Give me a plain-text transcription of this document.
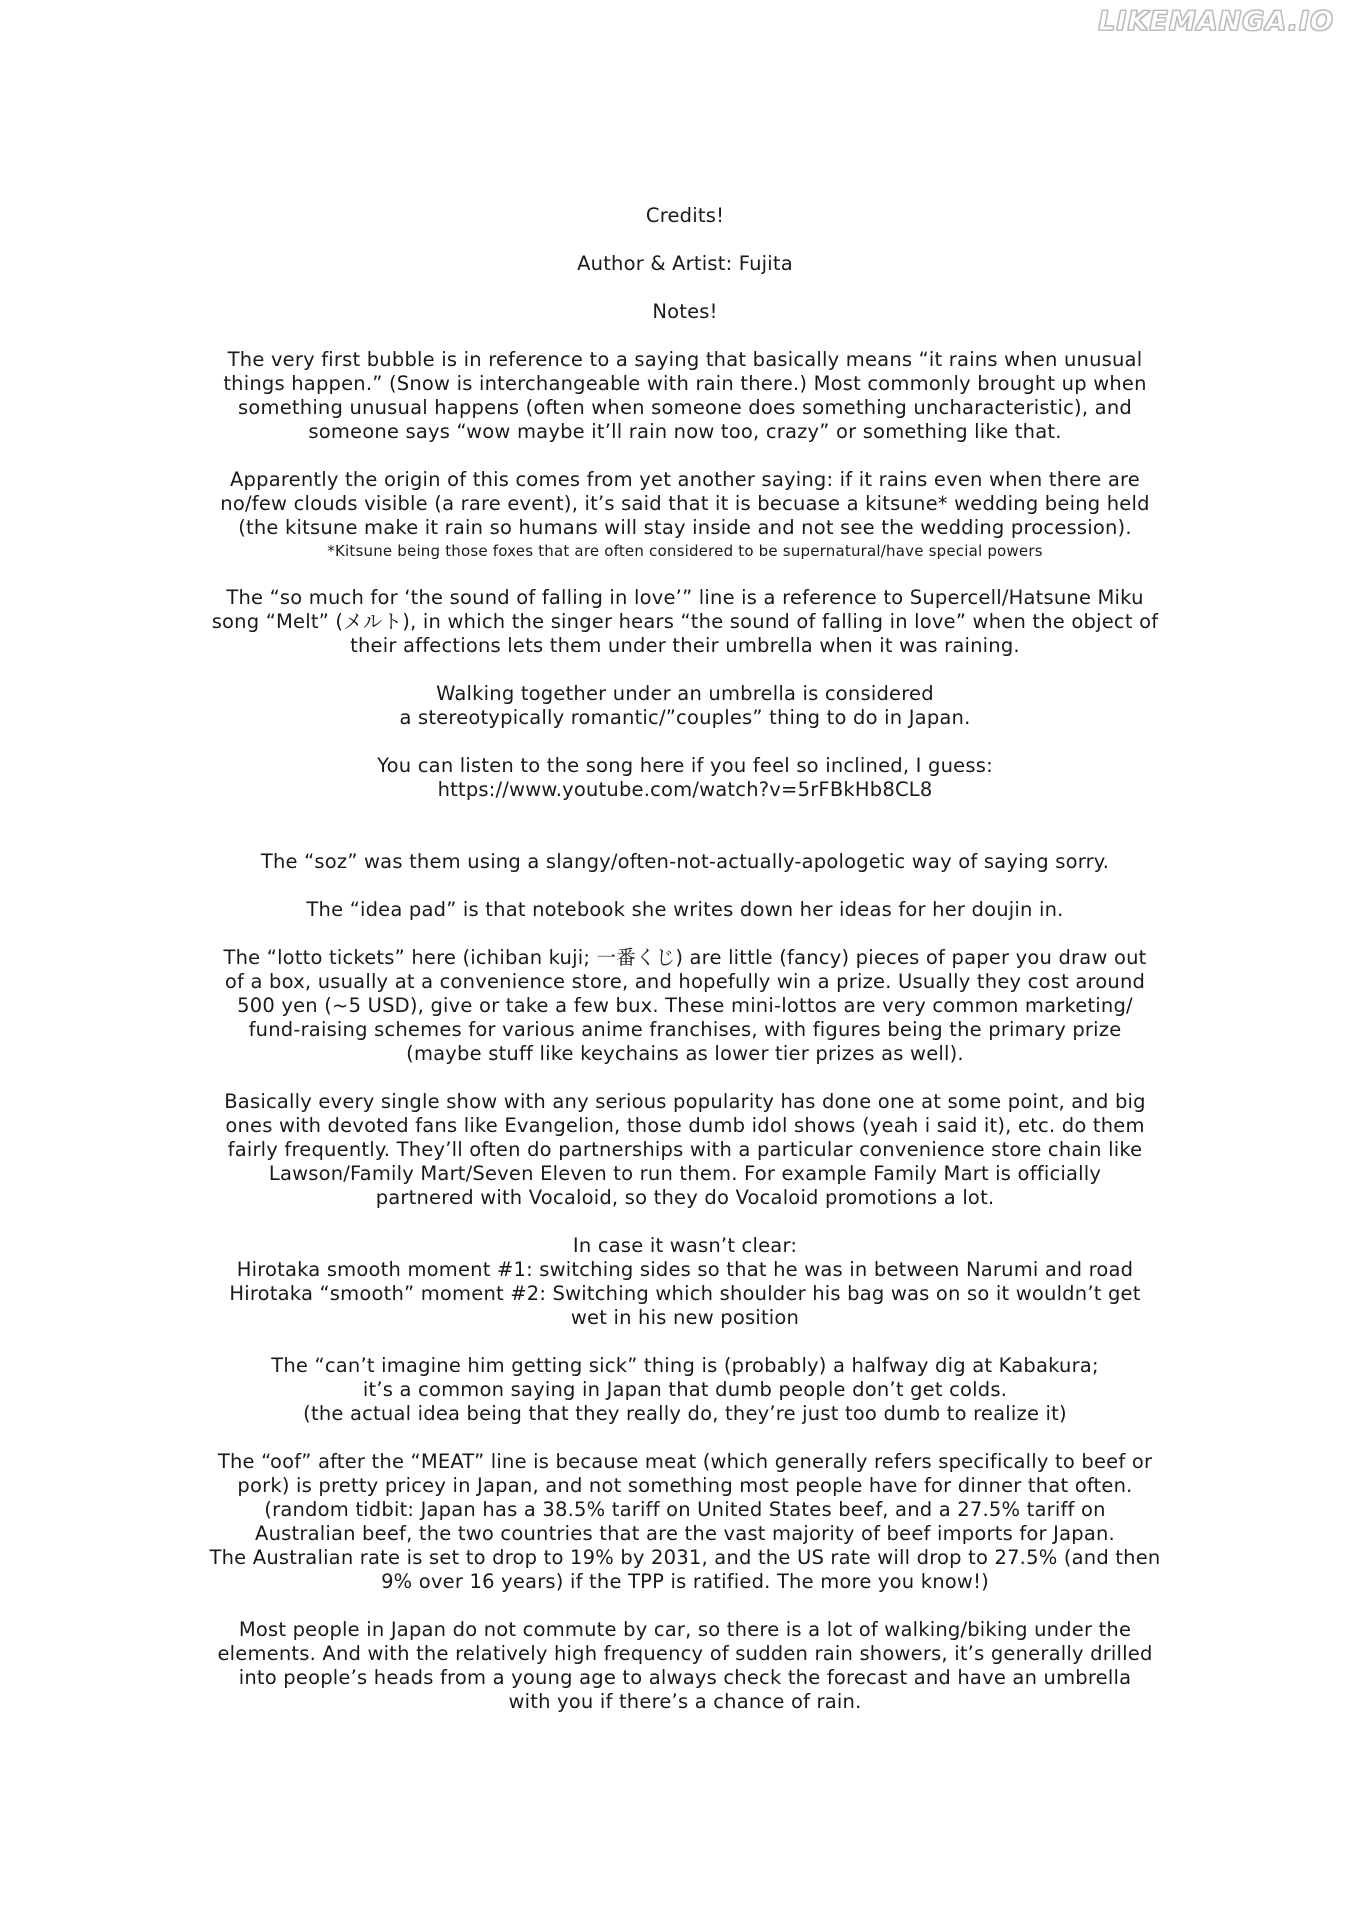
LIKEMANGA.IO

Credits!

Author & Artist: Fujita

Notes!

The very first bubble is in reference to a saying that basically means “it rains when unusual
things happen.” (Snow is interchangeable with rain there.) Most commonly brought up when
something unusual happens (often when someone does something uncharacteristic), and
someone says “wow maybe it’ll rain now too, crazy” or something like that.

Apparently the origin of this comes from yet another saying: if it rains even when there are
no/few clouds visible (a rare event), it’s said that it is becuase a kitsune* wedding being held
(the kitsune make it rain so humans will stay inside and not see the wedding procession).
*Kitsune being those foxes that are often considered to be supernatural/have special powers

The “so much for ‘the sound of falling in love’” line is a reference to Supercell/Hatsune Miku
song “Melt” (メルト), in which the singer hears “the sound of falling in love” when the object of
their affections lets them under their umbrella when it was raining.

Walking together under an umbrella is considered
a stereotypically romantic/”couples” thing to do in Japan.

You can listen to the song here if you feel so inclined, I guess:
https://www.youtube.com/watch?v=5rFBkHb8CL8

The “soz” was them using a slangy/often-not-actually-apologetic way of saying sorry.

The “idea pad” is that notebook she writes down her ideas for her doujin in.

The “lotto tickets” here (ichiban kuji; 一番くじ) are little (fancy) pieces of paper you draw out
of a box, usually at a convenience store, and hopefully win a prize. Usually they cost around
500 yen (~5 USD), give or take a few bux. These mini-lottos are very common marketing/
fund-raising schemes for various anime franchises, with figures being the primary prize
(maybe stuff like keychains as lower tier prizes as well).

Basically every single show with any serious popularity has done one at some point, and big
ones with devoted fans like Evangelion, those dumb idol shows (yeah i said it), etc. do them
fairly frequently. They’ll often do partnerships with a particular convenience store chain like
Lawson/Family Mart/Seven Eleven to run them. For example Family Mart is officially
partnered with Vocaloid, so they do Vocaloid promotions a lot.

In case it wasn’t clear:
Hirotaka smooth moment #1: switching sides so that he was in between Narumi and road
Hirotaka “smooth” moment #2: Switching which shoulder his bag was on so it wouldn’t get
wet in his new position

The “can’t imagine him getting sick” thing is (probably) a halfway dig at Kabakura;
it’s a common saying in Japan that dumb people don’t get colds.
(the actual idea being that they really do, they’re just too dumb to realize it)

The “oof” after the “MEAT” line is because meat (which generally refers specifically to beef or
pork) is pretty pricey in Japan, and not something most people have for dinner that often.
(random tidbit: Japan has a 38.5% tariff on United States beef, and a 27.5% tariff on
Australian beef, the two countries that are the vast majority of beef imports for Japan.
The Australian rate is set to drop to 19% by 2031, and the US rate will drop to 27.5% (and then
9% over 16 years) if the TPP is ratified. The more you know!)

Most people in Japan do not commute by car, so there is a lot of walking/biking under the
elements. And with the relatively high frequency of sudden rain showers, it’s generally drilled
into people’s heads from a young age to always check the forecast and have an umbrella
with you if there’s a chance of rain.
